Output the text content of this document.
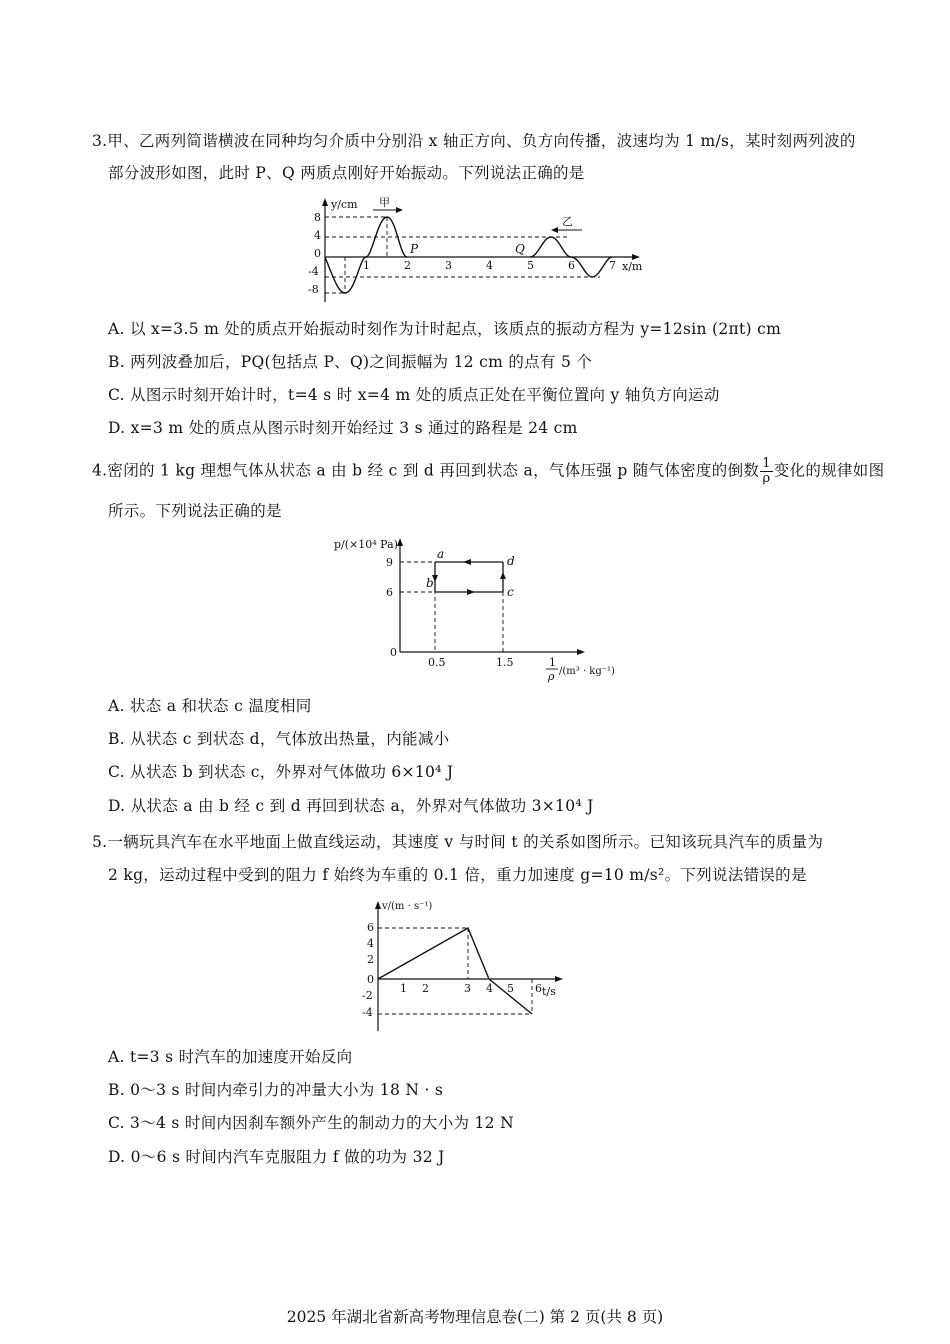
3.甲、乙两列简谐横波在同种均匀介质中分别沿 x 轴正方向、负方向传播，波速均为 1 m/s，某时刻两列波的
部分波形如图，此时 P、Q 两质点刚好开始振动。下列说法正确的是
y/cm
x/m
8
4
0
-4
-8
1	2	3	4	5	6	7
甲
乙
P	Q
A. 以 x=3.5 m 处的质点开始振动时刻作为计时起点，该质点的振动方程为 y=12sin (2πt) cm
B. 两列波叠加后，PQ(包括点 P、Q)之间振幅为 12 cm 的点有 5 个
C. 从图示时刻开始计时，t=4 s 时 x=4 m 处的质点正处在平衡位置向 y 轴负方向运动
D. x=3 m 处的质点从图示时刻开始经过 3 s 通过的路程是 24 cm
4.密闭的 1 kg 理想气体从状态 a 由 b 经 c 到 d 再回到状态 a，气体压强 p 随气体密度的倒数 $\frac{1}{\rho}$ 变化的规律如图
所示。下列说法正确的是
p/(×10⁴ Pa)
9
6
0
0.5	1.5	1
ρ /(m³ · kg⁻¹)
a
b
c
d
A. 状态 a 和状态 c 温度相同
B. 从状态 c 到状态 d，气体放出热量，内能减小
C. 从状态 b 到状态 c，外界对气体做功 6×10⁴ J
D. 从状态 a 由 b 经 c 到 d 再回到状态 a，外界对气体做功 3×10⁴ J
5.一辆玩具汽车在水平地面上做直线运动，其速度 v 与时间 t 的关系如图所示。已知该玩具汽车的质量为
2 kg，运动过程中受到的阻力 f 始终为车重的 0.1 倍，重力加速度 g=10 m/s²。下列说法错误的是
v/(m · s⁻¹)
t/s
6
4
2
0
-2
-4
1 2	3 4 5 6
A. t=3 s 时汽车的加速度开始反向
B. 0～3 s 时间内牵引力的冲量大小为 18 N · s
C. 3～4 s 时间内因刹车额外产生的制动力的大小为 12 N
D. 0～6 s 时间内汽车克服阻力 f 做的功为 32 J
2025 年湖北省新高考物理信息卷(二) 第 2 页(共 8 页)
